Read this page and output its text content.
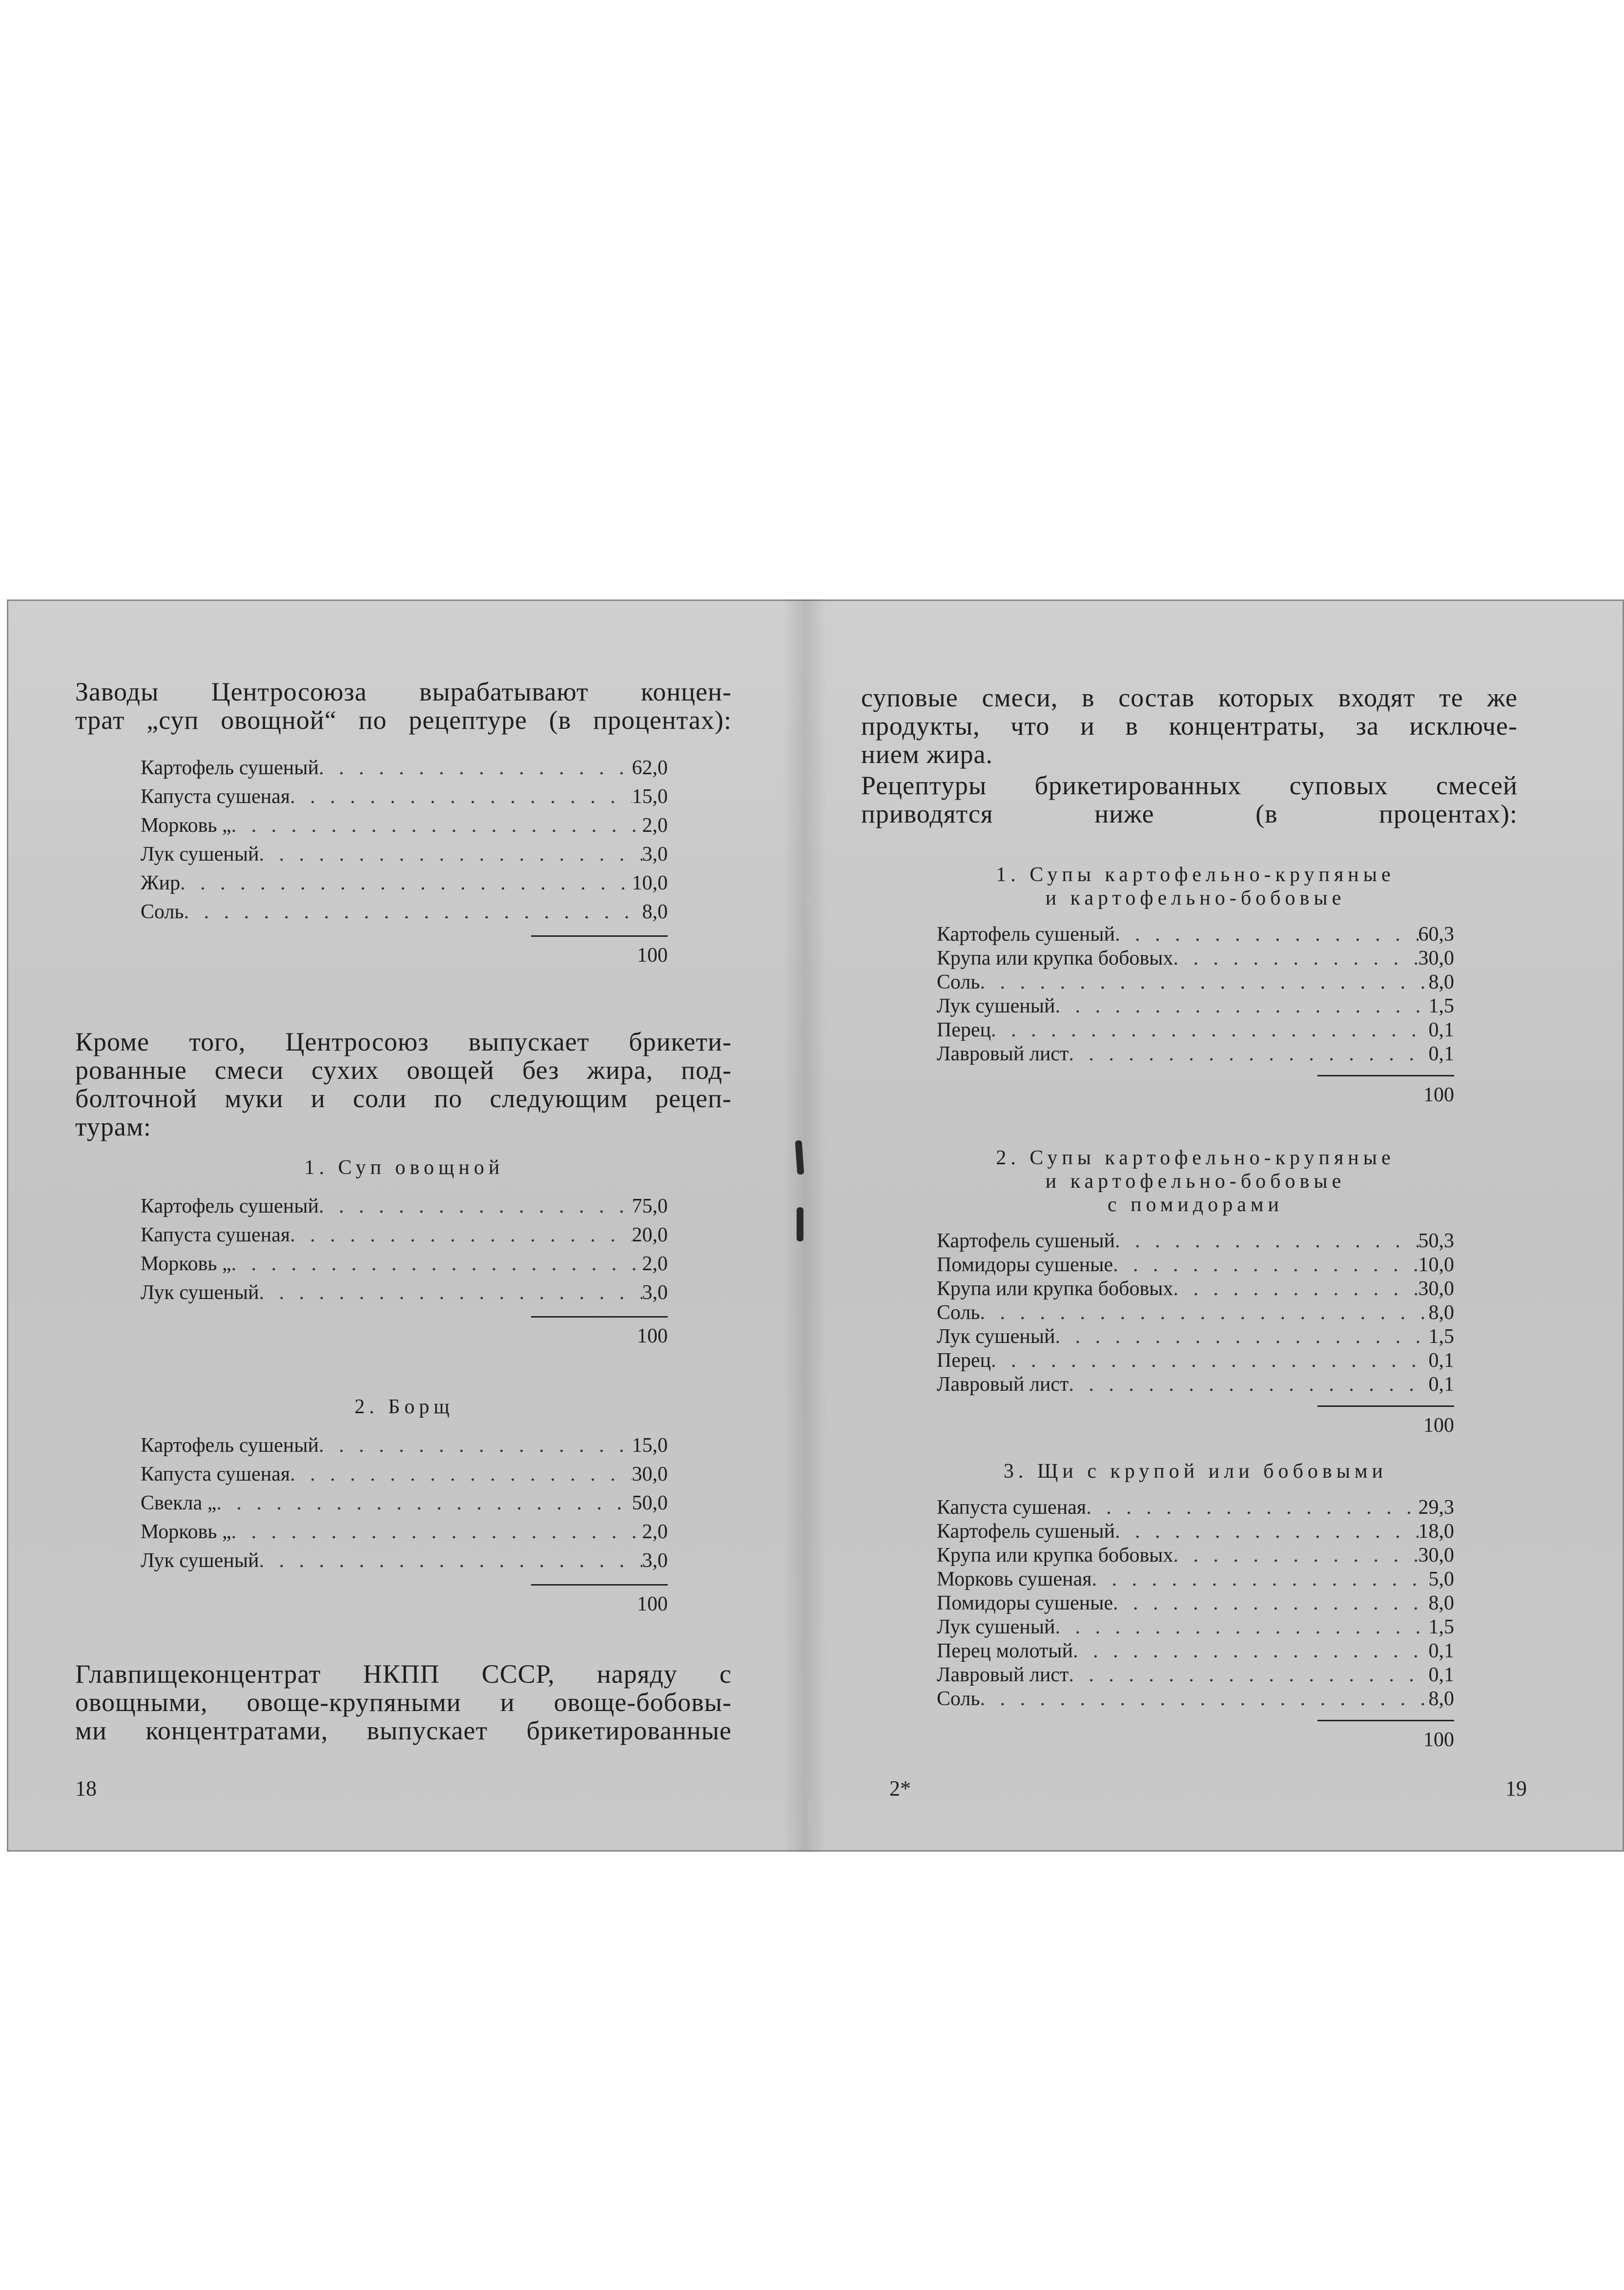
Заводы Центросоюза вырабатывают концен-
трат „суп овощной“ по рецептуре (в процентах):
Картофель сушеный . . .	62,0
Капуста сушеная . . .	15,0
Морковь „ . . .	2,0
Лук сушеный . . .	3,0
Жир . . .	10,0
Соль . . .	8,0
100
Кроме того, Центросоюз выпускает брикети-
рованные смеси сухих овощей без жира, под-
болточной муки и соли по следующим рецеп-
турам:
1. Суп овощной
Картофель сушеный . . .	75,0
Капуста сушеная . . .	20,0
Морковь „ . . .	2,0
Лук сушеный . . .	3,0
100
2. Борщ
Картофель сушеный . . .	15,0
Капуста сушеная . . .	30,0
Свекла „ . . .	50,0
Морковь „ . . .	2,0
Лук сушеный . . .	3,0
100
Главпищеконцентрат НКПП СССР, наряду с
овощными, овоще-крупяными и овоще-бобовы-
ми концентратами, выпускает брикетированные
18
суповые смеси, в состав которых входят те же
продукты, что и в концентраты, за исключе-
нием жира.
Рецептуры брикетированных суповых смесей
приводятся ниже (в процентах):
1. Супы картофельно-крупяные
и картофельно-бобовые
Картофель сушеный . . .	60,3
Крупа или крупка бобовых . . .	30,0
Соль . . .	8,0
Лук сушеный . . .	1,5
Перец . . .	0,1
Лавровый лист . . .	0,1
100
2. Супы картофельно-крупяные
и картофельно-бобовые
с помидорами
Картофель сушеный . . .	50,3
Помидоры сушеные . . .	10,0
Крупа или крупка бобовых . . .	30,0
Соль . . .	8,0
Лук сушеный . . .	1,5
Перец . . .	0,1
Лавровый лист . . .	0,1
100
3. Щи с крупой или бобовыми
Капуста сушеная . . .	29,3
Картофель сушеный . . .	18,0
Крупа или крупка бобовых . . .	30,0
Морковь сушеная . . .	5,0
Помидоры сушеные . . .	8,0
Лук сушеный . . .	1,5
Перец молотый . . .	0,1
Лавровый лист . . .	0,1
Соль . . .	8,0
100
2*	19
